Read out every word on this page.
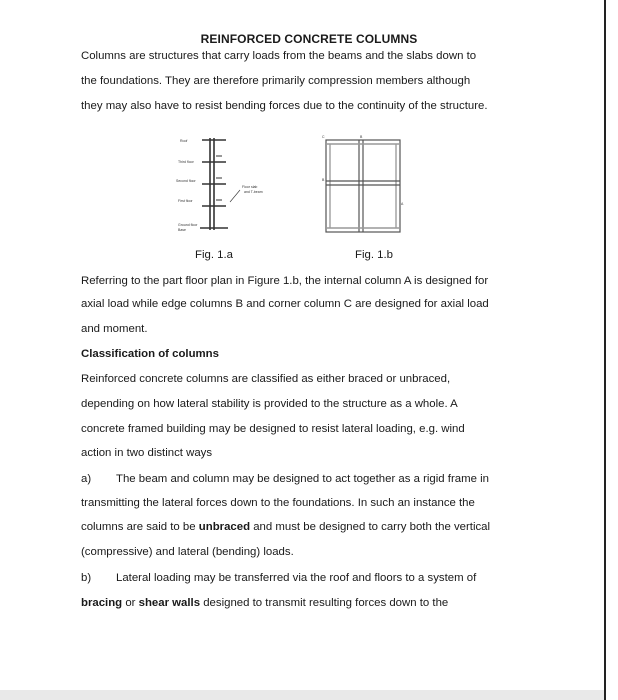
REINFORCED CONCRETE COLUMNS
Columns are structures that carry loads from the beams and the slabs down to
the foundations. They are therefore primarily compression members although
they may also have to resist bending forces due to the continuity of the structure.
Roof
Third floor
Second floor
First floor
Ground floor
Base
Floor slab
and T-beam
C	B
B
A
Fig. 1.a	Fig. 1.b
Referring to the part floor plan in Figure 1.b, the internal column A is designed for
axial load while edge columns B and corner column C are designed for axial load
and moment.
Classification of columns
Reinforced concrete columns are classified as either braced or unbraced,
depending on how lateral stability is provided to the structure as a whole. A
concrete framed building may be designed to resist lateral loading, e.g. wind
action in two distinct ways
a) The beam and column may be designed to act together as a rigid frame in
transmitting the lateral forces down to the foundations. In such an instance the
columns are said to be unbraced and must be designed to carry both the vertical
(compressive) and lateral (bending) loads.
b) Lateral loading may be transferred via the roof and floors to a system of
bracing or shear walls designed to transmit resulting forces down to the
